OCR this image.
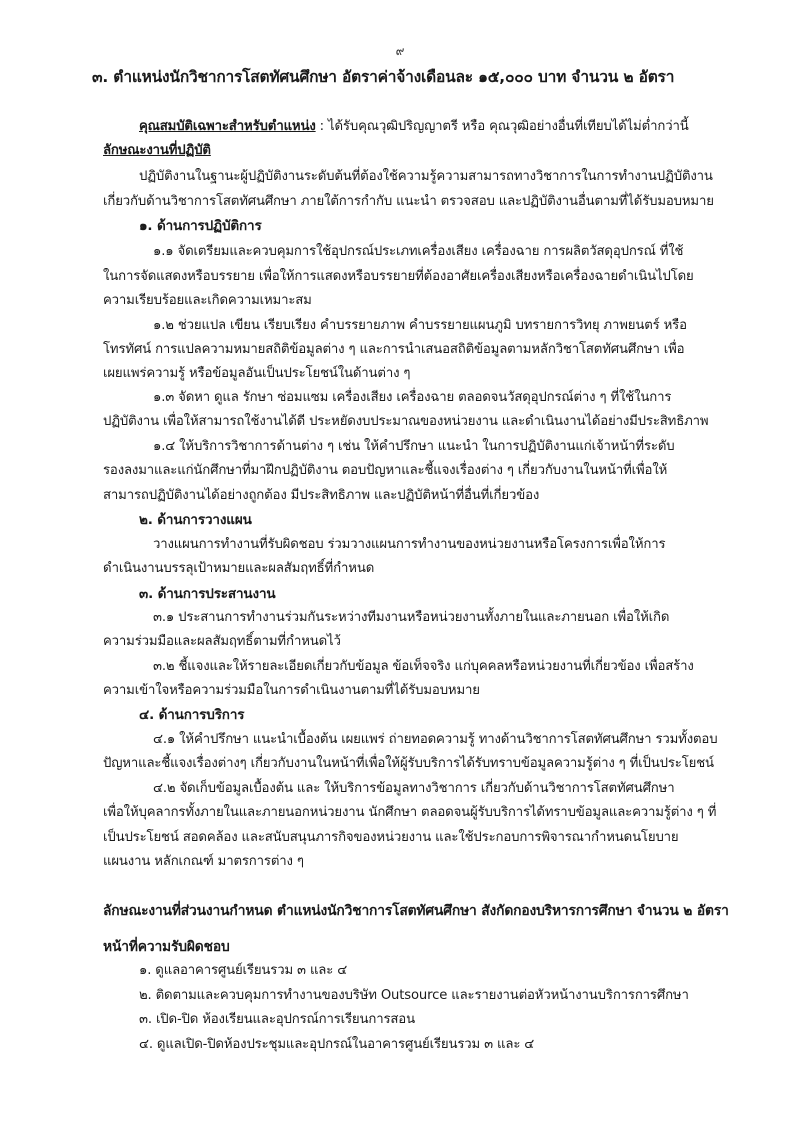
๙
๓. ตำแหน่งนักวิชาการโสตทัศนศึกษา อัตราค่าจ้างเดือนละ ๑๕,๐๐๐ บาท จำนวน ๒ อัตรา
คุณสมบัติเฉพาะสำหรับตำแหน่ง : ได้รับคุณวุฒิปริญญาตรี หรือ คุณวุฒิอย่างอื่นที่เทียบได้ไม่ต่ำกว่านี้
ลักษณะงานที่ปฏิบัติ
ปฏิบัติงานในฐานะผู้ปฏิบัติงานระดับต้นที่ต้องใช้ความรู้ความสามารถทางวิชาการในการทำงานปฏิบัติงาน
เกี่ยวกับด้านวิชาการโสตทัศนศึกษา ภายใต้การกำกับ แนะนำ ตรวจสอบ และปฏิบัติงานอื่นตามที่ได้รับมอบหมาย
๑. ด้านการปฏิบัติการ
๑.๑ จัดเตรียมและควบคุมการใช้อุปกรณ์ประเภทเครื่องเสียง เครื่องฉาย การผลิตวัสดุอุปกรณ์ ที่ใช้
ในการจัดแสดงหรือบรรยาย เพื่อให้การแสดงหรือบรรยายที่ต้องอาศัยเครื่องเสียงหรือเครื่องฉายดำเนินไปโดย
ความเรียบร้อยและเกิดความเหมาะสม
๑.๒ ช่วยแปล เขียน เรียบเรียง คำบรรยายภาพ คำบรรยายแผนภูมิ บทรายการวิทยุ ภาพยนตร์ หรือ
โทรทัศน์ การแปลความหมายสถิติข้อมูลต่าง ๆ และการนำเสนอสถิติข้อมูลตามหลักวิชาโสตทัศนศึกษา เพื่อ
เผยแพร่ความรู้ หรือข้อมูลอันเป็นประโยชน์ในด้านต่าง ๆ
๑.๓ จัดหา ดูแล รักษา ซ่อมแซม เครื่องเสียง เครื่องฉาย ตลอดจนวัสดุอุปกรณ์ต่าง ๆ ที่ใช้ในการ
ปฏิบัติงาน เพื่อให้สามารถใช้งานได้ดี ประหยัดงบประมาณของหน่วยงาน และดำเนินงานได้อย่างมีประสิทธิภาพ
๑.๔ ให้บริการวิชาการด้านต่าง ๆ เช่น ให้คำปรึกษา แนะนำ ในการปฏิบัติงานแก่เจ้าหน้าที่ระดับ
รองลงมาและแก่นักศึกษาที่มาฝึกปฏิบัติงาน ตอบปัญหาและชี้แจงเรื่องต่าง ๆ เกี่ยวกับงานในหน้าที่เพื่อให้
สามารถปฏิบัติงานได้อย่างถูกต้อง มีประสิทธิภาพ และปฏิบัติหน้าที่อื่นที่เกี่ยวข้อง
๒. ด้านการวางแผน
วางแผนการทำงานที่รับผิดชอบ ร่วมวางแผนการทำงานของหน่วยงานหรือโครงการเพื่อให้การ
ดำเนินงานบรรลุเป้าหมายและผลสัมฤทธิ์ที่กำหนด
๓. ด้านการประสานงาน
๓.๑ ประสานการทำงานร่วมกันระหว่างทีมงานหรือหน่วยงานทั้งภายในและภายนอก เพื่อให้เกิด
ความร่วมมือและผลสัมฤทธิ์ตามที่กำหนดไว้
๓.๒ ชี้แจงและให้รายละเอียดเกี่ยวกับข้อมูล ข้อเท็จจริง แก่บุคคลหรือหน่วยงานที่เกี่ยวข้อง เพื่อสร้าง
ความเข้าใจหรือความร่วมมือในการดำเนินงานตามที่ได้รับมอบหมาย
๔. ด้านการบริการ
๔.๑ ให้คำปรึกษา แนะนำเบื้องต้น เผยแพร่ ถ่ายทอดความรู้ ทางด้านวิชาการโสตทัศนศึกษา รวมทั้งตอบ
ปัญหาและชี้แจงเรื่องต่างๆ เกี่ยวกับงานในหน้าที่เพื่อให้ผู้รับบริการได้รับทราบข้อมูลความรู้ต่าง ๆ ที่เป็นประโยชน์
๔.๒ จัดเก็บข้อมูลเบื้องต้น และ ให้บริการข้อมูลทางวิชาการ เกี่ยวกับด้านวิชาการโสตทัศนศึกษา
เพื่อให้บุคลากรทั้งภายในและภายนอกหน่วยงาน นักศึกษา ตลอดจนผู้รับบริการได้ทราบข้อมูลและความรู้ต่าง ๆ ที่
เป็นประโยชน์ สอดคล้อง และสนับสนุนภารกิจของหน่วยงาน และใช้ประกอบการพิจารณากำหนดนโยบาย
แผนงาน หลักเกณฑ์ มาตรการต่าง ๆ
ลักษณะงานที่ส่วนงานกำหนด ตำแหน่งนักวิชาการโสตทัศนศึกษา สังกัดกองบริหารการศึกษา จำนวน ๒ อัตรา
หน้าที่ความรับผิดชอบ
๑. ดูแลอาคารศูนย์เรียนรวม ๓ และ ๔
๒. ติดตามและควบคุมการทำงานของบริษัท Outsource และรายงานต่อหัวหน้างานบริการการศึกษา
๓. เปิด-ปิด ห้องเรียนและอุปกรณ์การเรียนการสอน
๔. ดูแลเปิด-ปิดห้องประชุมและอุปกรณ์ในอาคารศูนย์เรียนรวม ๓ และ ๔
